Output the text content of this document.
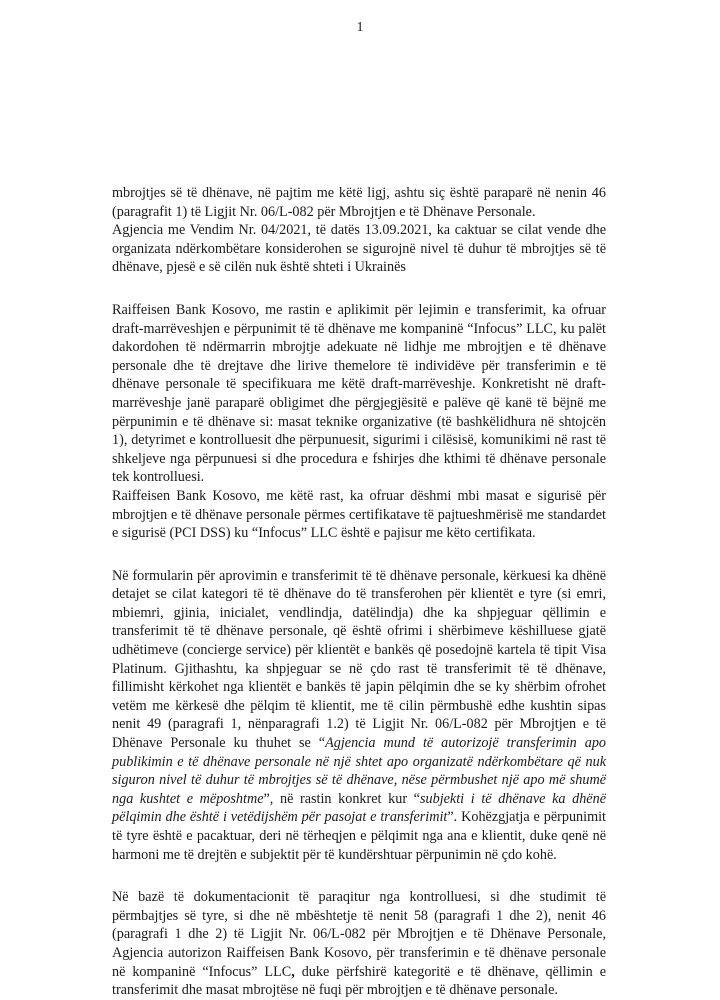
1

mbrojtjes së të dhënave, në pajtim me këtë ligj, ashtu siç është paraparë në nenin 46 (paragrafit 1) të Ligjit Nr. 06/L-082 për Mbrojtjen e të Dhënave Personale.

Agjencia me Vendim Nr. 04/2021, të datës 13.09.2021, ka caktuar se cilat vende dhe organizata ndërkombëtare konsiderohen se sigurojnë nivel të duhur të mbrojtjes së të dhënave, pjesë e së cilën nuk është shteti i Ukrainës

Raiffeisen Bank Kosovo, me rastin e aplikimit për lejimin e transferimit, ka ofruar draft-marrëveshjen e përpunimit të të dhënave me kompaninë “Infocus” LLC, ku palët dakordohen të ndërmarrin mbrojtje adekuate në lidhje me mbrojtjen e të dhënave personale dhe të drejtave dhe lirive themelore të individëve për transferimin e të dhënave personale të specifikuara me këtë draft-marrëveshje. Konkretisht në draft-marrëveshje janë paraparë obligimet dhe përgjegjësitë e palëve që kanë të bëjnë me përpunimin e të dhënave si: masat teknike organizative (të bashkëlidhura në shtojcën 1), detyrimet e kontrolluesit dhe përpunuesit, sigurimi i cilësisë, komunikimi në rast të shkeljeve nga përpunuesi si dhe procedura e fshirjes dhe kthimi të dhënave personale tek kontrolluesi.

Raiffeisen Bank Kosovo, me këtë rast, ka ofruar dëshmi mbi masat e sigurisë për mbrojtjen e të dhënave personale përmes certifikatave të pajtueshmërisë me standardet e sigurisë (PCI DSS) ku “Infocus” LLC është e pajisur me këto certifikata.

Në formularin për aprovimin e transferimit të të dhënave personale, kërkuesi ka dhënë detajet se cilat kategori të të dhënave do të transferohen për klientët e tyre (si emri, mbiemri, gjinia, inicialet, vendlindja, datëlindja) dhe ka shpjeguar qëllimin e transferimit të të dhënave personale, që është ofrimi i shërbimeve këshilluese gjatë udhëtimeve (concierge service) për klientët e bankës që posedojnë kartela të tipit Visa Platinum. Gjithashtu, ka shpjeguar se në çdo rast të transferimit të të dhënave, fillimisht kërkohet nga klientët e bankës të japin pëlqimin dhe se ky shërbim ofrohet vetëm me kërkesë dhe pëlqim të klientit, me të cilin përmbushë edhe kushtin sipas nenit 49 (paragrafi 1, nënparagrafi 1.2) të Ligjit Nr. 06/L-082 për Mbrojtjen e të Dhënave Personale ku thuhet se “Agjencia mund të autorizojë transferimin apo publikimin e të dhënave personale në një shtet apo organizatë ndërkombëtare që nuk siguron nivel të duhur të mbrojtjes së të dhënave, nëse përmbushet një apo më shumë nga kushtet e mëposhtme”, në rastin konkret kur “subjekti i të dhënave ka dhënë pëlqimin dhe është i vetëdijshëm për pasojat e transferimit”. Kohëzgjatja e përpunimit të tyre është e pacaktuar, deri në tërheqjen e pëlqimit nga ana e klientit, duke qenë në harmoni me të drejtën e subjektit për të kundërshtuar përpunimin në çdo kohë.

Në bazë të dokumentacionit të paraqitur nga kontrolluesi, si dhe studimit të përmbajtjes së tyre, si dhe në mbështetje të nenit 58 (paragrafi 1 dhe 2), nenit 46 (paragrafi 1 dhe 2) të Ligjit Nr. 06/L-082 për Mbrojtjen e të Dhënave Personale, Agjencia autorizon Raiffeisen Bank Kosovo, për transferimin e të dhënave personale në kompaninë “Infocus” LLC, duke përfshirë kategoritë e të dhënave, qëllimin e transferimit dhe masat mbrojtëse në fuqi për mbrojtjen e të dhënave personale.
